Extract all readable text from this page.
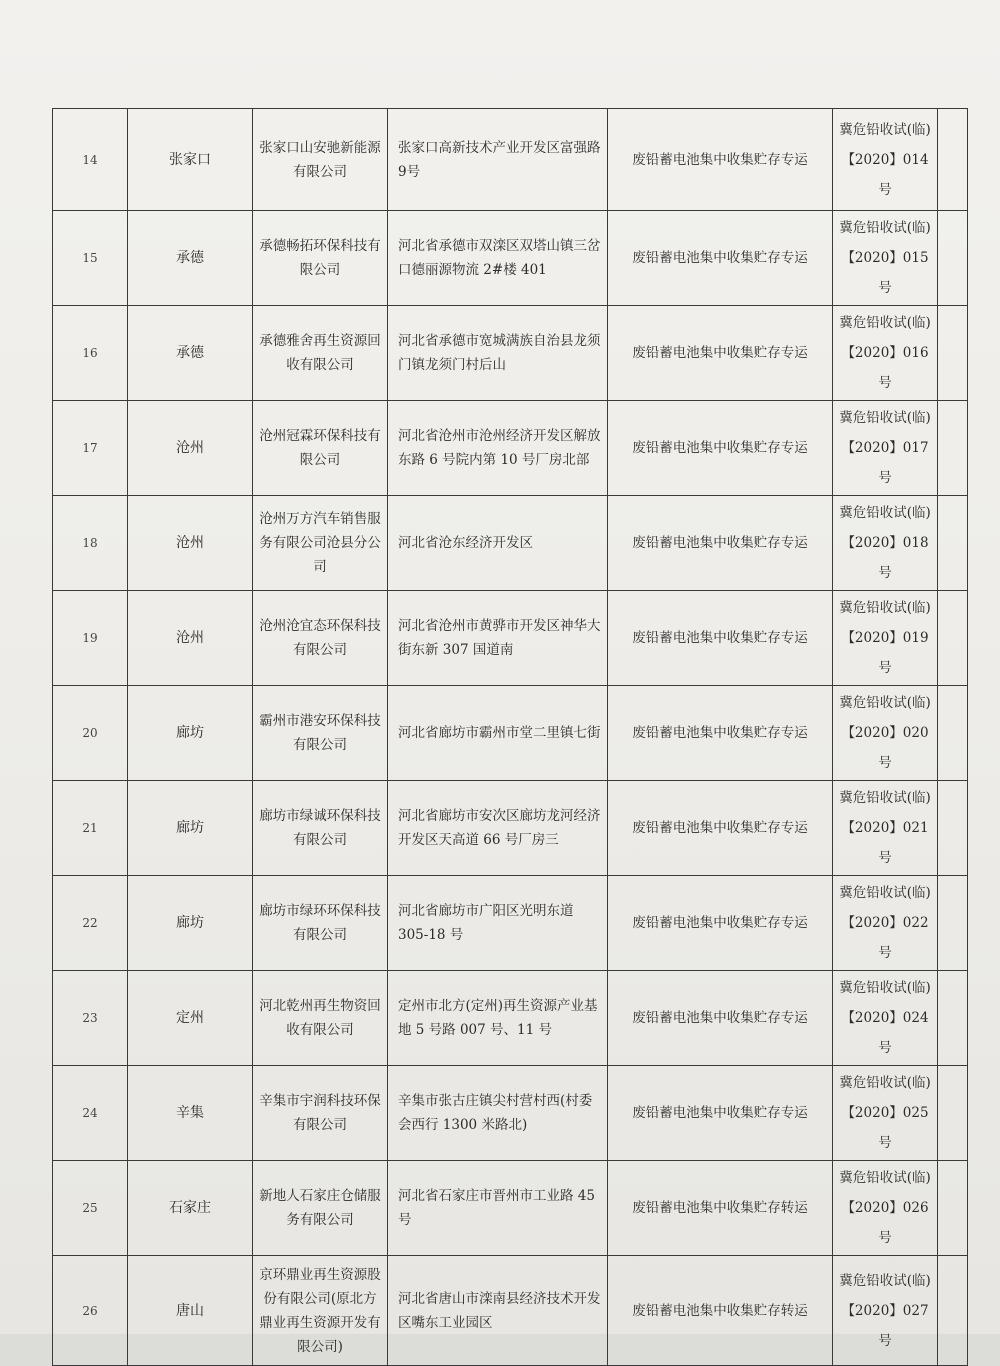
14	张家口	张家口山安驰新能源有限公司	张家口高新技术产业开发区富强路9号	废铅蓄电池集中收集贮存专运	冀危铅收试(临)
【2020】014 号	

15	承德	承德畅拓环保科技有限公司	河北省承德市双滦区双塔山镇三岔口德丽源物流 2#楼 401	废铅蓄电池集中收集贮存专运	冀危铅收试(临)
【2020】015 号	

16	承德	承德雅舍再生资源回收有限公司	河北省承德市宽城满族自治县龙须门镇龙须门村后山	废铅蓄电池集中收集贮存专运	冀危铅收试(临)
【2020】016 号	

17	沧州	沧州冠霖环保科技有限公司	河北省沧州市沧州经济开发区解放东路 6 号院内第 10 号厂房北部	废铅蓄电池集中收集贮存专运	冀危铅收试(临)
【2020】017 号	

18	沧州	沧州万方汽车销售服务有限公司沧县分公司	河北省沧东经济开发区	废铅蓄电池集中收集贮存专运	冀危铅收试(临)
【2020】018 号	

19	沧州	沧州沧宜态环保科技有限公司	河北省沧州市黄骅市开发区神华大街东新 307 国道南	废铅蓄电池集中收集贮存专运	冀危铅收试(临)
【2020】019 号	

20	廊坊	霸州市港安环保科技有限公司	河北省廊坊市霸州市堂二里镇七街	废铅蓄电池集中收集贮存专运	冀危铅收试(临)
【2020】020 号	

21	廊坊	廊坊市绿诚环保科技有限公司	河北省廊坊市安次区廊坊龙河经济开发区天高道 66 号厂房三	废铅蓄电池集中收集贮存专运	冀危铅收试(临)
【2020】021 号	

22	廊坊	廊坊市绿环环保科技有限公司	河北省廊坊市广阳区光明东道 305-18 号	废铅蓄电池集中收集贮存专运	冀危铅收试(临)
【2020】022 号	

23	定州	河北乾州再生物资回收有限公司	定州市北方(定州)再生资源产业基地 5 号路 007 号、11 号	废铅蓄电池集中收集贮存专运	冀危铅收试(临)
【2020】024 号	

24	辛集	辛集市宇润科技环保有限公司	辛集市张古庄镇尖村营村西(村委会西行 1300 米路北)	废铅蓄电池集中收集贮存专运	冀危铅收试(临)
【2020】025 号	

25	石家庄	新地人石家庄仓储服务有限公司	河北省石家庄市晋州市工业路 45 号	废铅蓄电池集中收集贮存转运	冀危铅收试(临)
【2020】026 号	

26	唐山	京环鼎业再生资源股份有限公司(原北方鼎业再生资源开发有限公司)	河北省唐山市滦南县经济技术开发区嘴东工业园区	废铅蓄电池集中收集贮存转运	冀危铅收试(临)
【2020】027 号	
